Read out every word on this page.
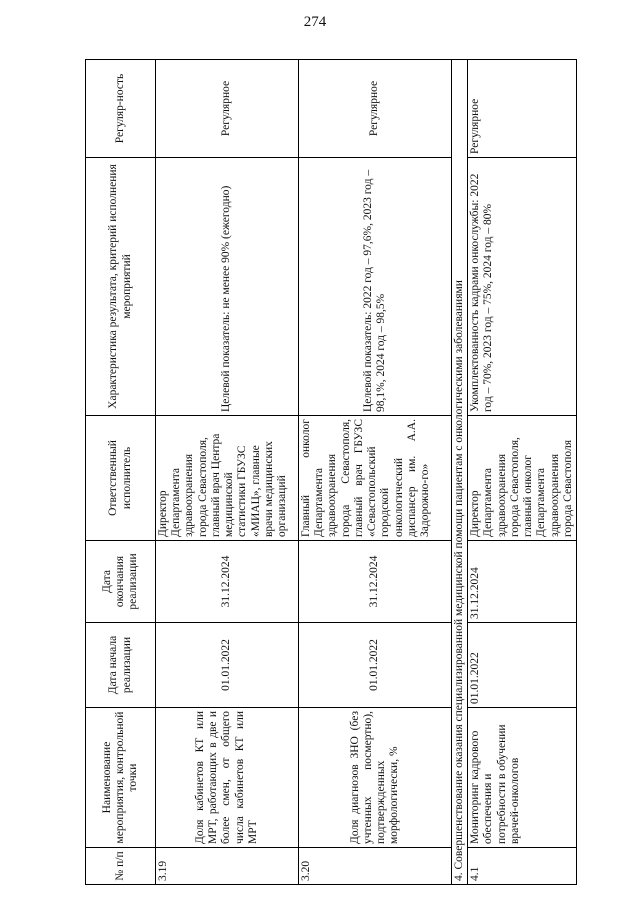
274
№ п/п	Наименование мероприятия, контрольной точки	Дата начала реализации	Дата окончания реализации	Ответственный исполнитель	Характеристика результата, критерий исполнения мероприятий	Регуляр-ность
3.19	Доля кабинетов КТ или МРТ, работающих в две и более смен, от общего числа кабинетов КТ или МРТ	01.01.2022	31.12.2024	Директор Департамента здравоохранения города Севастополя, главный врач Центра медицинской статистики ГБУЗС «МИАЦ», главные врачи медицинских организаций	Целевой показатель: не менее 90% (ежегодно)	Регулярное
3.20	Доля диагнозов ЗНО (без учтенных посмертно), подтвержденных морфологически, %	01.01.2022	31.12.2024	Главный онколог Департамента здравоохранения города Севастополя, главный врач ГБУЗС «Севастопольский городской онкологический диспансер им. А.А. Задорожно-го»	Целевой показатель: 2022 год – 97,6%, 2023 год – 98,1%, 2024 год – 98,5%	Регулярное
4. Совершенствование оказания специализированной медицинской помощи пациентам с онкологическими заболеваниями						
4.1	Мониторинг кадрового обеспечения и потребности в обучении врачей-онкологов	01.01.2022	31.12.2024	Директор Департамента здравоохранения города Севастополя, главный онколог Департамента здравоохранения города Севастополя	Укомплектованность кадрами онкослужбы: 2022 год – 70%, 2023 год – 75%, 2024 год – 80%	Регулярное
